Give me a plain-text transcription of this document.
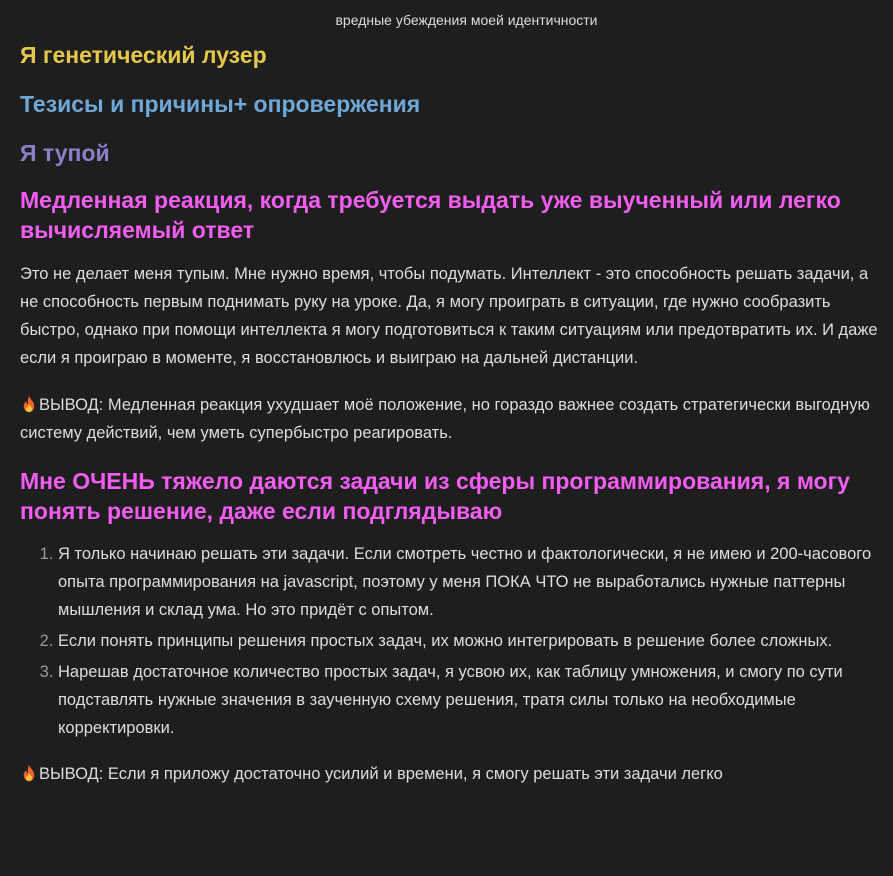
вредные убеждения моей идентичности
Я генетический лузер
Тезисы и причины+ опровержения
Я тупой
Медленная реакция, когда требуется выдать уже выученный или легко вычисляемый ответ

Это не делает меня тупым. Мне нужно время, чтобы подумать. Интеллект - это способность решать задачи, а не способность первым поднимать руку на уроке. Да, я могу проиграть в ситуации, где нужно сообразить быстро, однако при помощи интеллекта я могу подготовиться к таким ситуациям или предотвратить их. И даже если я проиграю в моменте, я восстановлюсь и выиграю на дальней дистанции.

ВЫВОД: Медленная реакция ухудшает моё положение, но гораздо важнее создать стратегически выгодную систему действий, чем уметь супербыстро реагировать.

Мне ОЧЕНЬ тяжело даются задачи из сферы программирования, я могу понять решение, даже если подглядываю
1. Я только начинаю решать эти задачи. Если смотреть честно и фактологически, я не имею и 200-часового опыта программирования на javascript, поэтому у меня ПОКА ЧТО не выработались нужные паттерны мышления и склад ума. Но это придёт с опытом.
2. Если понять принципы решения простых задач, их можно интегрировать в решение более сложных.
3. Нарешав достаточное количество простых задач, я усвою их, как таблицу умножения, и смогу по сути подставлять нужные значения в заученную схему решения, тратя силы только на необходимые корректировки.

ВЫВОД: Если я приложу достаточно усилий и времени, я смогу решать эти задачи легко
